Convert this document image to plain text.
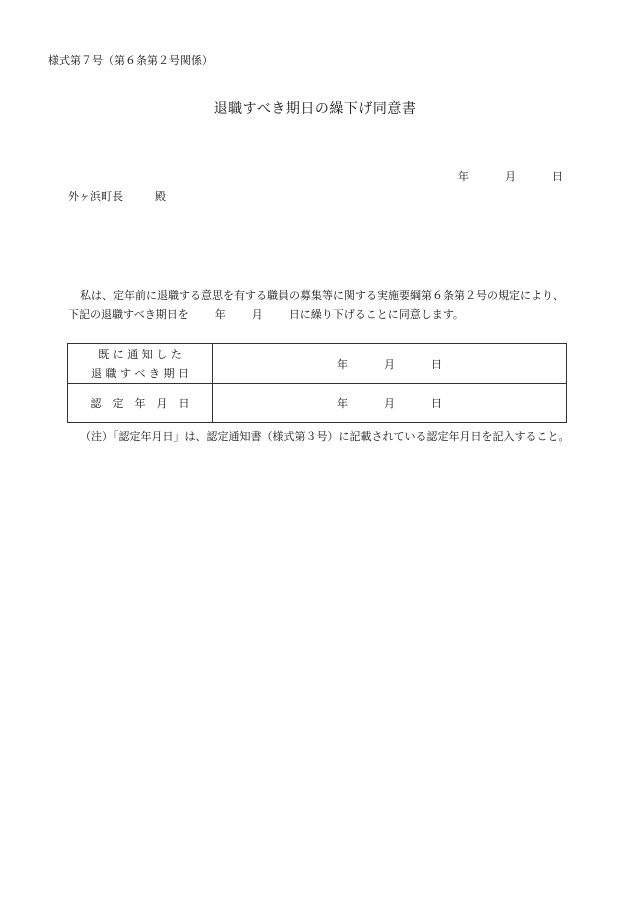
様式第７号（第６条第２号関係）
退職すべき期日の繰下げ同意書
年	月	日
外ヶ浜町長	殿
私は、定年前に退職する意思を有する職員の募集等に関する実施要綱第６条第２号の規定により、
下記の退職すべき期日を 年 月 日に繰り下げることに同意します。
既 に 通 知 し た
退 職 す べ き 期 日	年 月 日
認　定　年　月　日	年 月 日
（注）「認定年月日」は、認定通知書（様式第３号）に記載されている認定年月日を記入すること。
